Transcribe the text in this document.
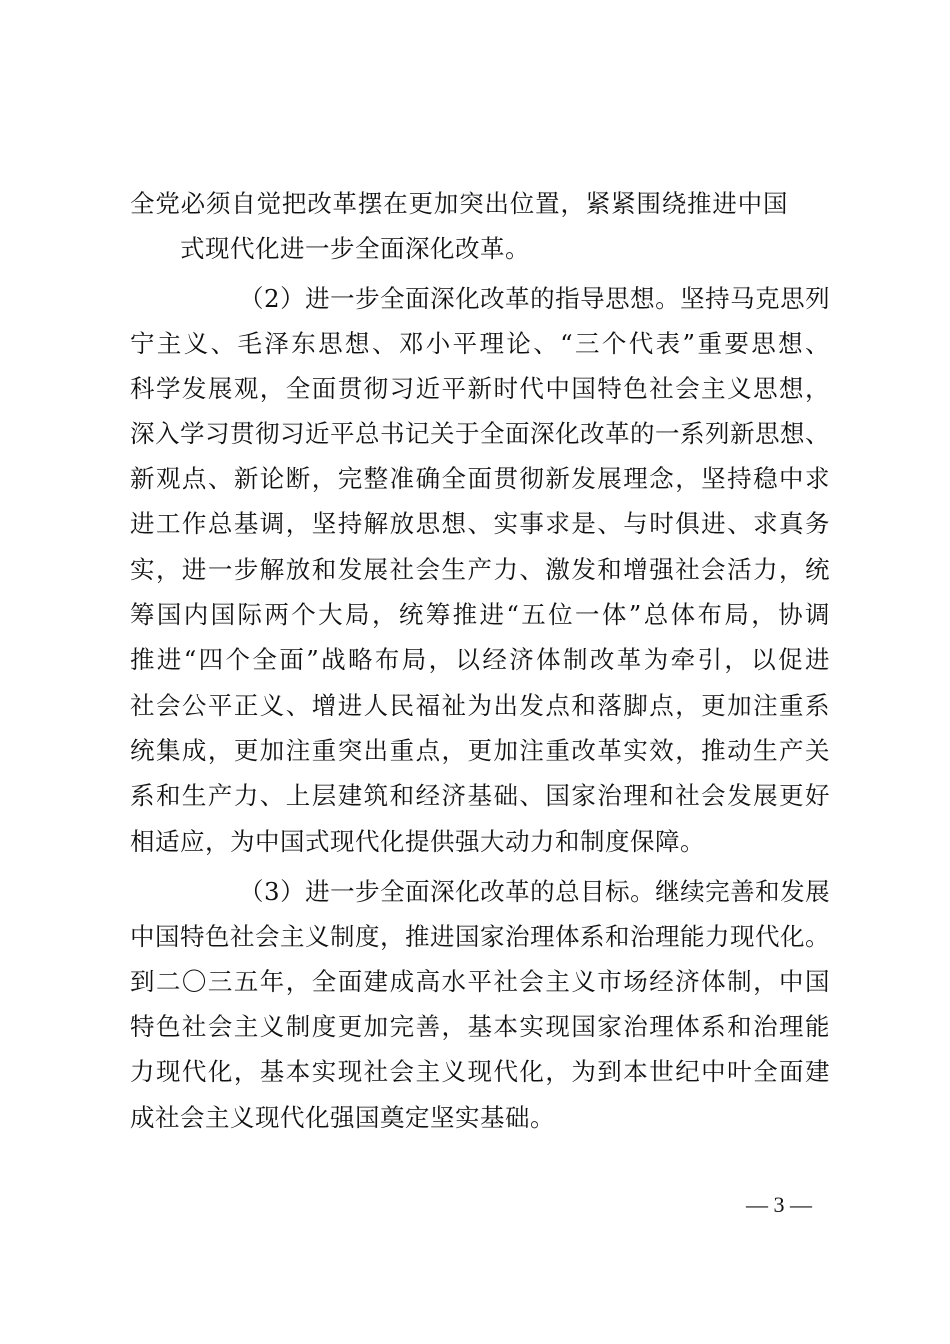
全党必须自觉把改革摆在更加突出位置，紧紧围绕推进中国
式现代化进一步全面深化改革。
（2）进一步全面深化改革的指导思想。坚持马克思列
宁主义、毛泽东思想、邓小平理论、“三个代表”重要思想、
科学发展观，全面贯彻习近平新时代中国特色社会主义思想，
深入学习贯彻习近平总书记关于全面深化改革的一系列新思想、
新观点、新论断，完整准确全面贯彻新发展理念，坚持稳中求
进工作总基调，坚持解放思想、实事求是、与时俱进、求真务
实，进一步解放和发展社会生产力、激发和增强社会活力，统
筹国内国际两个大局，统筹推进“五位一体”总体布局，协调
推进“四个全面”战略布局，以经济体制改革为牵引，以促进
社会公平正义、增进人民福祉为出发点和落脚点，更加注重系
统集成，更加注重突出重点，更加注重改革实效，推动生产关
系和生产力、上层建筑和经济基础、国家治理和社会发展更好
相适应，为中国式现代化提供强大动力和制度保障。
（3）进一步全面深化改革的总目标。继续完善和发展
中国特色社会主义制度，推进国家治理体系和治理能力现代化。
到二〇三五年，全面建成高水平社会主义市场经济体制，中国
特色社会主义制度更加完善，基本实现国家治理体系和治理能
力现代化，基本实现社会主义现代化，为到本世纪中叶全面建
成社会主义现代化强国奠定坚实基础。
— 3 —
